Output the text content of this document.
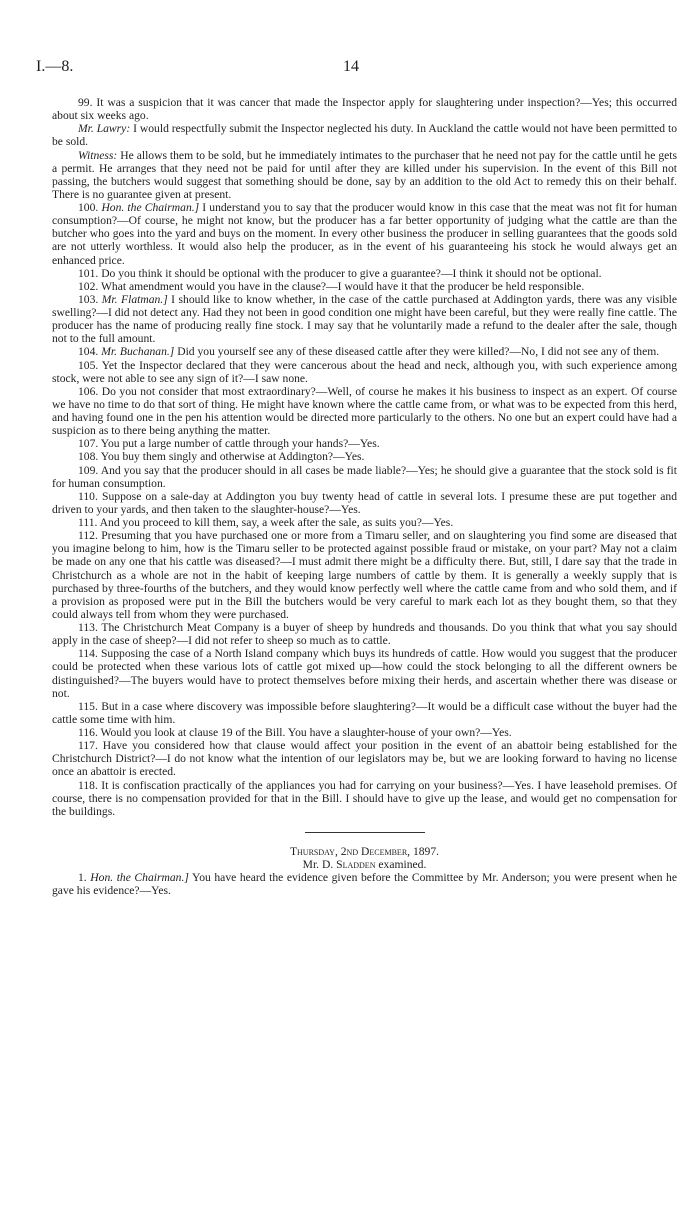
I.—8.	14

99. It was a suspicion that it was cancer that made the Inspector apply for slaughtering under inspection?—Yes; this occurred about six weeks ago.

Mr. Lawry: I would respectfully submit the Inspector neglected his duty. In Auckland the cattle would not have been permitted to be sold.

Witness: He allows them to be sold, but he immediately intimates to the purchaser that he need not pay for the cattle until he gets a permit. He arranges that they need not be paid for until after they are killed under his supervision. In the event of this Bill not passing, the butchers would suggest that something should be done, say by an addition to the old Act to remedy this on their behalf. There is no guarantee given at present.

100. Hon. the Chairman.] I understand you to say that the producer would know in this case that the meat was not fit for human consumption?—Of course, he might not know, but the producer has a far better opportunity of judging what the cattle are than the butcher who goes into the yard and buys on the moment. In every other business the producer in selling guarantees that the goods sold are not utterly worthless. It would also help the producer, as in the event of his guaranteeing his stock he would always get an enhanced price.

101. Do you think it should be optional with the producer to give a guarantee?—I think it should not be optional.

102. What amendment would you have in the clause?—I would have it that the producer be held responsible.

103. Mr. Flatman.] I should like to know whether, in the case of the cattle purchased at Addington yards, there was any visible swelling?—I did not detect any. Had they not been in good condition one might have been careful, but they were really fine cattle. The producer has the name of producing really fine stock. I may say that he voluntarily made a refund to the dealer after the sale, though not to the full amount.

104. Mr. Buchanan.] Did you yourself see any of these diseased cattle after they were killed?—No, I did not see any of them.

105. Yet the Inspector declared that they were cancerous about the head and neck, although you, with such experience among stock, were not able to see any sign of it?—I saw none.

106. Do you not consider that most extraordinary?—Well, of course he makes it his business to inspect as an expert. Of course we have no time to do that sort of thing. He might have known where the cattle came from, or what was to be expected from this herd, and having found one in the pen his attention would be directed more particularly to the others. No one but an expert could have had a suspicion as to there being anything the matter.

107. You put a large number of cattle through your hands?—Yes.

108. You buy them singly and otherwise at Addington?—Yes.

109. And you say that the producer should in all cases be made liable?—Yes; he should give a guarantee that the stock sold is fit for human consumption.

110. Suppose on a sale-day at Addington you buy twenty head of cattle in several lots. I presume these are put together and driven to your yards, and then taken to the slaughter-house?—Yes.

111. And you proceed to kill them, say, a week after the sale, as suits you?—Yes.

112. Presuming that you have purchased one or more from a Timaru seller, and on slaughtering you find some are diseased that you imagine belong to him, how is the Timaru seller to be protected against possible fraud or mistake, on your part? May not a claim be made on any one that his cattle was diseased?—I must admit there might be a difficulty there. But, still, I dare say that the trade in Christchurch as a whole are not in the habit of keeping large numbers of cattle by them. It is generally a weekly supply that is purchased by three-fourths of the butchers, and they would know perfectly well where the cattle came from and who sold them, and if a provision as proposed were put in the Bill the butchers would be very careful to mark each lot as they bought them, so that they could always tell from whom they were purchased.

113. The Christchurch Meat Company is a buyer of sheep by hundreds and thousands. Do you think that what you say should apply in the case of sheep?—I did not refer to sheep so much as to cattle.

114. Supposing the case of a North Island company which buys its hundreds of cattle. How would you suggest that the producer could be protected when these various lots of cattle got mixed up—how could the stock belonging to all the different owners be distinguished?—The buyers would have to protect themselves before mixing their herds, and ascertain whether there was disease or not.

115. But in a case where discovery was impossible before slaughtering?—It would be a difficult case without the buyer had the cattle some time with him.

116. Would you look at clause 19 of the Bill. You have a slaughter-house of your own?—Yes.

117. Have you considered how that clause would affect your position in the event of an abattoir being established for the Christchurch District?—I do not know what the intention of our legislators may be, but we are looking forward to having no license once an abattoir is erected.

118. It is confiscation practically of the appliances you had for carrying on your business?—Yes. I have leasehold premises. Of course, there is no compensation provided for that in the Bill. I should have to give up the lease, and would get no compensation for the buildings.

Thursday, 2nd December, 1897.

Mr. D. Sladden examined.

1. Hon. the Chairman.] You have heard the evidence given before the Committee by Mr. Anderson; you were present when he gave his evidence?—Yes.
